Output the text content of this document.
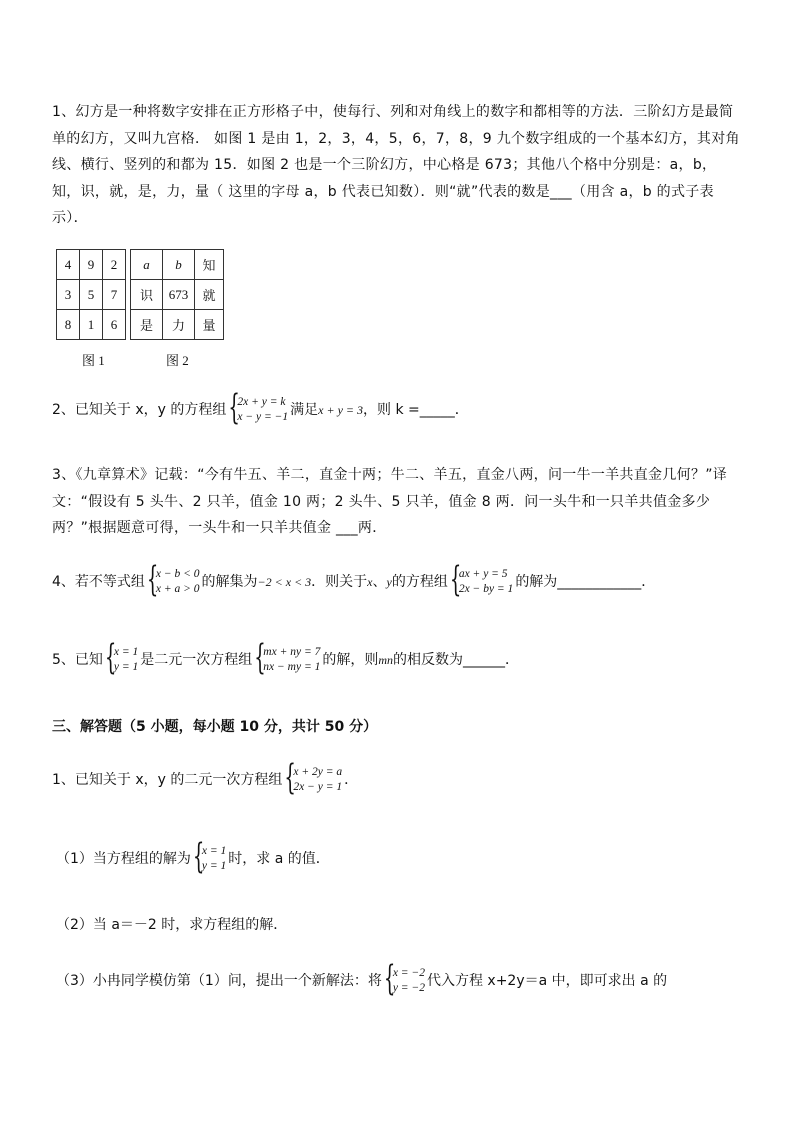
1、幻方是一种将数字安排在正方形格子中，使每行、列和对角线上的数字和都相等的方法．三阶幻方是最简单的幻方，又叫九宫格． 如图 1 是由 1，2，3，4，5，6，7，8，9 九个数字组成的一个基本幻方，其对角线、横行、竖列的和都为 15．如图 2 也是一个三阶幻方，中心格是 673；其他八个格中分别是：a，b，知，识，就，是，力，量（ 这里的字母 a，b 代表已知数）．则“就”代表的数是___（用含 a，b 的式子表示）．
4	9	2
3	5	7
8	1	6
图 1
a	b	知
识	673	就
是	力	量
图 2
2、已知关于 x，y 的方程组 {
2x + y = k
x − y = −1 满足x + y = 3，则 k =_____．
3、《九章算术》记载：“今有牛五、羊二，直金十两；牛二、羊五，直金八两，问一牛一羊共直金几何？”译文：“假设有 5 头牛、2 只羊，值金 10 两；2 头牛、5 只羊，值金 8 两．问一头牛和一只羊共值金多少两？”根据题意可得，一头牛和一只羊共值金 ___两．
4、若不等式组 {
x − b < 0
x + a > 0 的解集为−2 < x < 3．则关于x、y的方程组 {
ax + y = 5
2x − by = 1 的解为____________．
5、已知 {
x = 1
y = 1 是二元一次方程组 {
mx + ny = 7
nx − my = 1 的解，则mn的相反数为______．
三、解答题（5 小题，每小题 10 分，共计 50 分）
1、已知关于 x，y 的二元一次方程组 {
x + 2y = a
2x − y = 1 ．
（1）当方程组的解为 {
x = 1
y = 1 时，求 a 的值．
（2）当 a＝－2 时，求方程组的解．
（3）小冉同学模仿第（1）问，提出一个新解法：将 {
x = −2
y = −2 代入方程 x+2y＝a 中，即可求出 a 的
